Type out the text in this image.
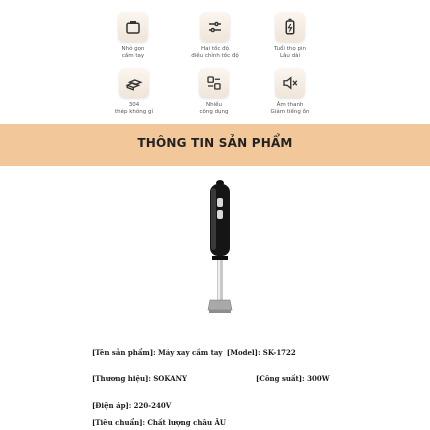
Nhỏ gọn
cầm tay
Hai tốc độ
điều chỉnh tốc độ
Tuổi thọ pin
Lâu dài
304
thép không gỉ
Nhiều
công dụng
Âm thanh
Giảm tiếng ồn
THÔNG TIN SẢN PHẨM
[Tên sản phẩm]: Máy xay cầm tay [Model]: SK-1722
[Thương hiệu]: SOKANY	[Công suất]: 300W
[Điện áp]: 220-240V
[Tiêu chuẩn]: Chất lượng châu ÂU
